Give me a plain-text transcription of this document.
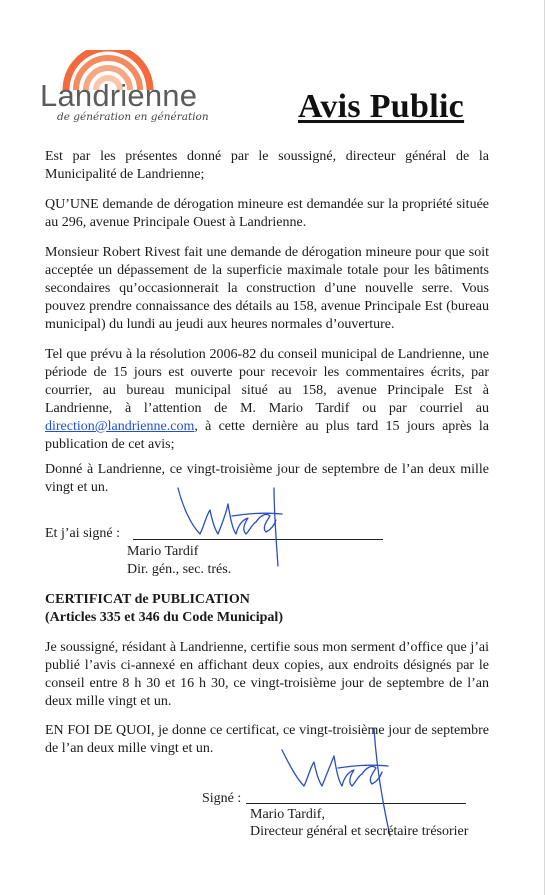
Landrienne
de génération en génération	Avis Public

Est par les présentes donné par le soussigné, directeur général de la Municipalité de Landrienne;

QU’UNE demande de dérogation mineure est demandée sur la propriété située au 296, avenue Principale Ouest à Landrienne.

Monsieur Robert Rivest fait une demande de dérogation mineure pour que soit acceptée un dépassement de la superficie maximale totale pour les bâtiments secondaires qu’occasionnerait la construction d’une nouvelle serre. Vous pouvez prendre connaissance des détails au 158, avenue Principale Est (bureau municipal) du lundi au jeudi aux heures normales d’ouverture.

Tel que prévu à la résolution 2006-82 du conseil municipal de Landrienne, une période de 15 jours est ouverte pour recevoir les commentaires écrits, par courrier, au bureau municipal situé au 158, avenue Principale Est à Landrienne, à l’attention de M. Mario Tardif ou par courriel au direction@landrienne.com, à cette dernière au plus tard 15 jours après la publication de cet avis;

Donné à Landrienne, ce vingt-troisième jour de septembre de l’an deux mille vingt et un.

Et j’ai signé :
Mario Tardif
Dir. gén., sec. trés.
CERTIFICAT de PUBLICATION
(Articles 335 et 346 du Code Municipal)

Je soussigné, résidant à Landrienne, certifie sous mon serment d’office que j’ai publié l’avis ci-annexé en affichant deux copies, aux endroits désignés par le conseil entre 8 h 30 et 16 h 30, ce vingt-troisième jour de septembre de l’an deux mille vingt et un.

EN FOI DE QUOI, je donne ce certificat, ce vingt-troisième jour de septembre de l’an deux mille vingt et un.

Signé :
Mario Tardif,
Directeur général et secrétaire trésorier
